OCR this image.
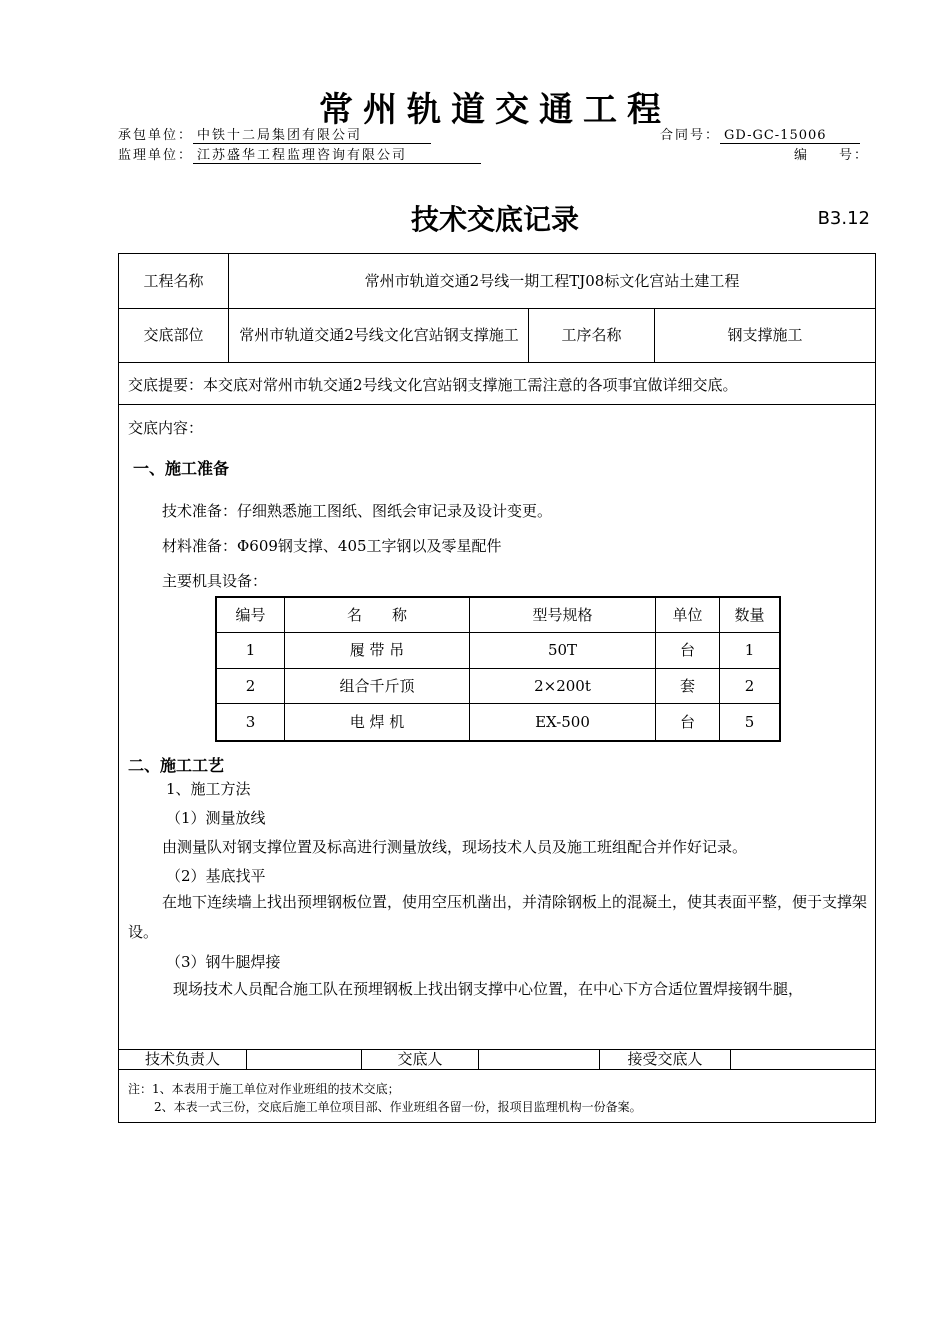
常州轨道交通工程
承包单位： 中铁十二局集团有限公司	合同号： GD-GC-15006
监理单位： 江苏盛华工程监理咨询有限公司	编　　号：
技术交底记录	B3.12
工程名称	常州市轨道交通2号线一期工程TJ08标文化宫站土建工程
交底部位	常州市轨道交通2号线文化宫站钢支撑施工	工序名称	钢支撑施工
交底提要：本交底对常州市轨交通2号线文化宫站钢支撑施工需注意的各项事宜做详细交底。
交底内容：
一、施工准备
技术准备：仔细熟悉施工图纸、图纸会审记录及设计变更。
材料准备：Φ609钢支撑、405工字钢以及零星配件
主要机具设备：
编号	名　　称	型号规格	单位	数量
1	履 带 吊	50T	台	1
2	组合千斤顶	2×200t	套	2
3	电 焊 机	EX-500	台	5
二、施工工艺
1、施工方法
（1）测量放线
由测量队对钢支撑位置及标高进行测量放线，现场技术人员及施工班组配合并作好记录。
（2）基底找平
在地下连续墙上找出预埋钢板位置，使用空压机凿出，并清除钢板上的混凝土，使其表面平整，便于支撑架设。
（3）钢牛腿焊接
现场技术人员配合施工队在预埋钢板上找出钢支撑中心位置，在中心下方合适位置焊接钢牛腿，
技术负责人	交底人	接受交底人
注：1、本表用于施工单位对作业班组的技术交底；
2、本表一式三份，交底后施工单位项目部、作业班组各留一份，报项目监理机构一份备案。
